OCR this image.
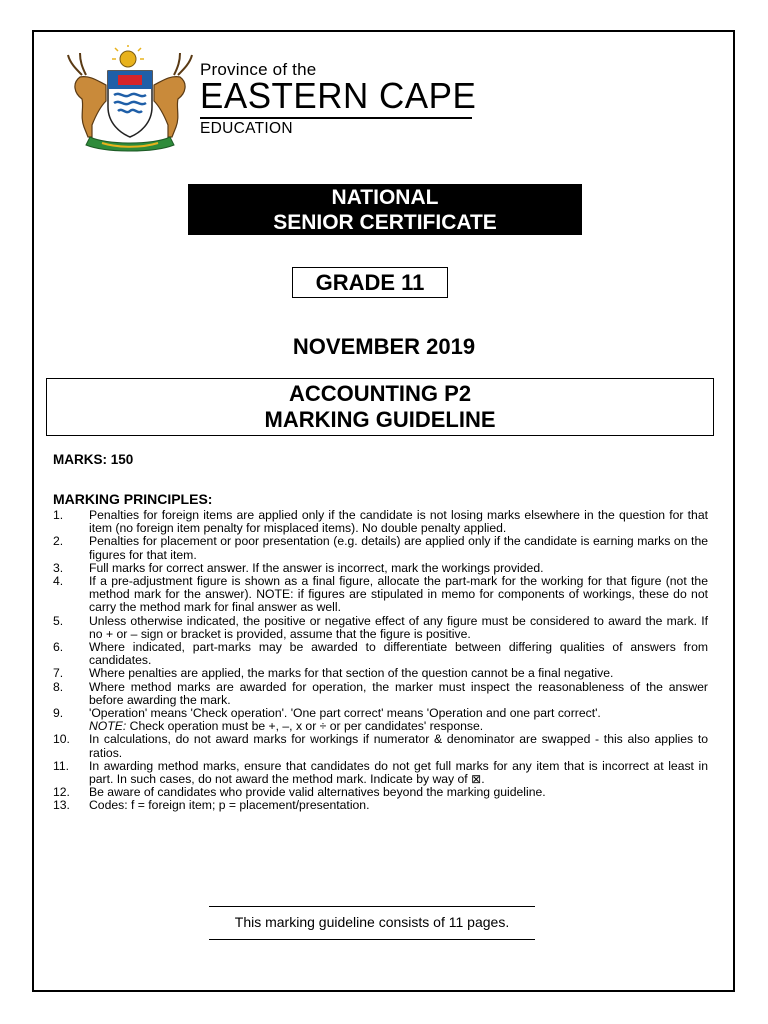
Province of the
EASTERN CAPE
EDUCATION
NATIONAL
SENIOR CERTIFICATE
GRADE 11
NOVEMBER 2019
ACCOUNTING P2
MARKING GUIDELINE
MARKS: 150
MARKING PRINCIPLES:
1. Penalties for foreign items are applied only if the candidate is not losing marks elsewhere in the question for that item (no foreign item penalty for misplaced items). No double penalty applied.
2. Penalties for placement or poor presentation (e.g. details) are applied only if the candidate is earning marks on the figures for that item.
3. Full marks for correct answer. If the answer is incorrect, mark the workings provided.
4. If a pre-adjustment figure is shown as a final figure, allocate the part-mark for the working for that figure (not the method mark for the answer). NOTE: if figures are stipulated in memo for components of workings, these do not carry the method mark for final answer as well.
5. Unless otherwise indicated, the positive or negative effect of any figure must be considered to award the mark. If no + or – sign or bracket is provided, assume that the figure is positive.
6. Where indicated, part-marks may be awarded to differentiate between differing qualities of answers from candidates.
7. Where penalties are applied, the marks for that section of the question cannot be a final negative.
8. Where method marks are awarded for operation, the marker must inspect the reasonableness of the answer before awarding the mark.
9. 'Operation' means 'Check operation'. 'One part correct' means 'Operation and one part correct'.
NOTE: Check operation must be +, –, x or ÷ or per candidates' response.
10. In calculations, do not award marks for workings if numerator & denominator are swapped - this also applies to ratios.
11. In awarding method marks, ensure that candidates do not get full marks for any item that is incorrect at least in part. In such cases, do not award the method mark. Indicate by way of ⊠.
12. Be aware of candidates who provide valid alternatives beyond the marking guideline.
13. Codes: f = foreign item; p = placement/presentation.
This marking guideline consists of 11 pages.
